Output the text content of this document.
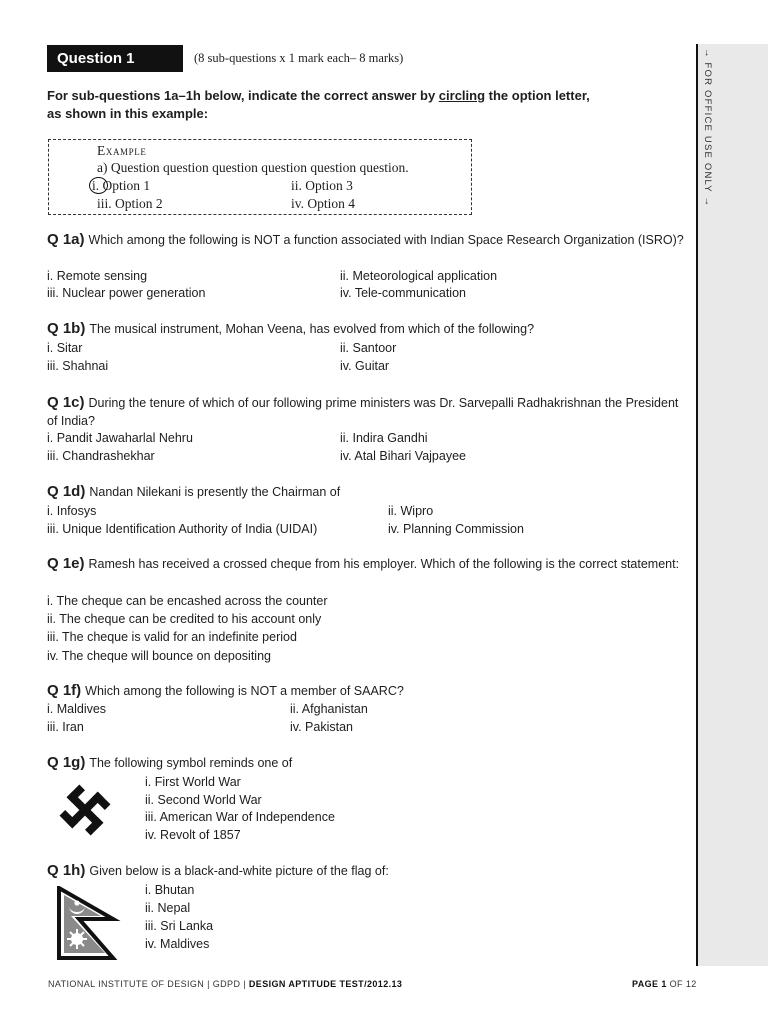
→ FOR OFFICE USE ONLY →
Question 1	(8 sub-questions x 1 mark each– 8 marks)
For sub-questions 1a–1h below, indicate the correct answer by circling the option letter,
as shown in this example:
Example
a) Question question question question question question.
i. Option 1	ii. Option 3
iii. Option 2	iv. Option 4
Q 1a) Which among the following is NOT a function associated with Indian Space Research Organization (ISRO)?
i. Remote sensing	ii. Meteorological application
iii. Nuclear power generation	iv. Tele-communication
Q 1b) The musical instrument, Mohan Veena, has evolved from which of the following?
i. Sitar	ii. Santoor
iii. Shahnai	iv. Guitar
Q 1c) During the tenure of which of our following prime ministers was Dr. Sarvepalli Radhakrishnan the President of India?
i. Pandit Jawaharlal Nehru	ii. Indira Gandhi
iii. Chandrashekhar	iv. Atal Bihari Vajpayee
Q 1d) Nandan Nilekani is presently the Chairman of
i. Infosys	ii. Wipro
iii. Unique Identification Authority of India (UIDAI)	iv. Planning Commission
Q 1e) Ramesh has received a crossed cheque from his employer. Which of the following is the correct statement:
i. The cheque can be encashed across the counter
ii. The cheque can be credited to his account only
iii. The cheque is valid for an indefinite period
iv. The cheque will bounce on depositing
Q 1f) Which among the following is NOT a member of SAARC?
i. Maldives	ii. Afghanistan
iii. Iran	iv. Pakistan
Q 1g) The following symbol reminds one of
i. First World War
ii. Second World War
iii. American War of Independence
iv. Revolt of 1857
Q 1h) Given below is a black-and-white picture of the flag of:
i. Bhutan
ii. Nepal
iii. Sri Lanka
iv. Maldives
NATIONAL INSTITUTE OF DESIGN | GDPD | DESIGN APTITUDE TEST/2012.13	PAGE 1 OF 12
